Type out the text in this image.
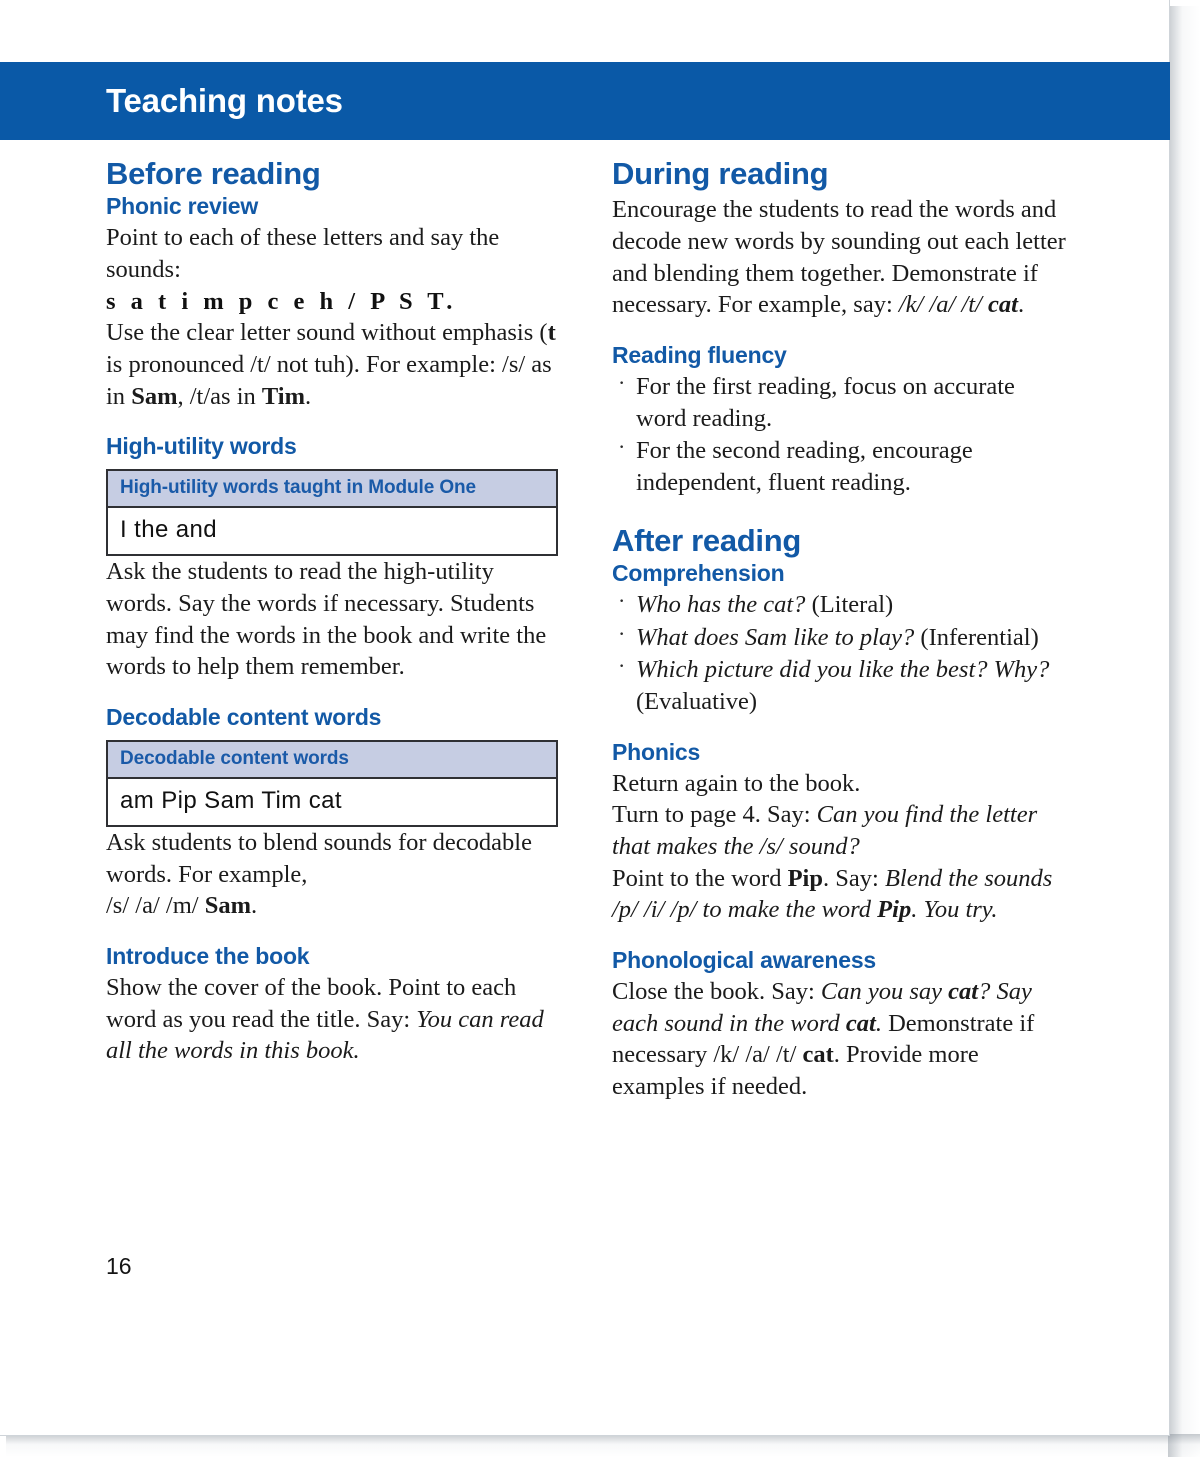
Teaching notes
Before reading
Phonic review

Point to each of these letters and say the sounds:

s a t i m p c e h / P S T.

Use the clear letter sound without emphasis (t is pronounced /t/ not tuh). For example: /s/ as in Sam, /t/as in Tim.

High-utility words
High-utility words taught in Module One
I the and

Ask the students to read the high-utility words. Say the words if necessary. Students may find the words in the book and write the words to help them remember.

Decodable content words
Decodable content words
am Pip Sam Tim cat

Ask students to blend sounds for decodable words. For example,

/s/ /a/ /m/ Sam.

Introduce the book

Show the cover of the book. Point to each word as you read the title. Say: You can read all the words in this book.

During reading

Encourage the students to read the words and decode new words by sounding out each letter and blending them together. Demonstrate if necessary. For example, say: /k/ /a/ /t/ cat.

Reading fluency
· For the first reading, focus on accurate word reading.
· For the second reading, encourage independent, fluent reading.
After reading
Comprehension
· Who has the cat? (Literal)
· What does Sam like to play? (Inferential)
· Which picture did you like the best? Why? (Evaluative)
Phonics

Return again to the book.

Turn to page 4. Say: Can you find the letter that makes the /s/ sound?

Point to the word Pip. Say: Blend the sounds /p/ /i/ /p/ to make the word Pip. You try.

Phonological awareness

Close the book. Say: Can you say cat? Say each sound in the word cat. Demonstrate if necessary /k/ /a/ /t/ cat. Provide more examples if needed.

16
